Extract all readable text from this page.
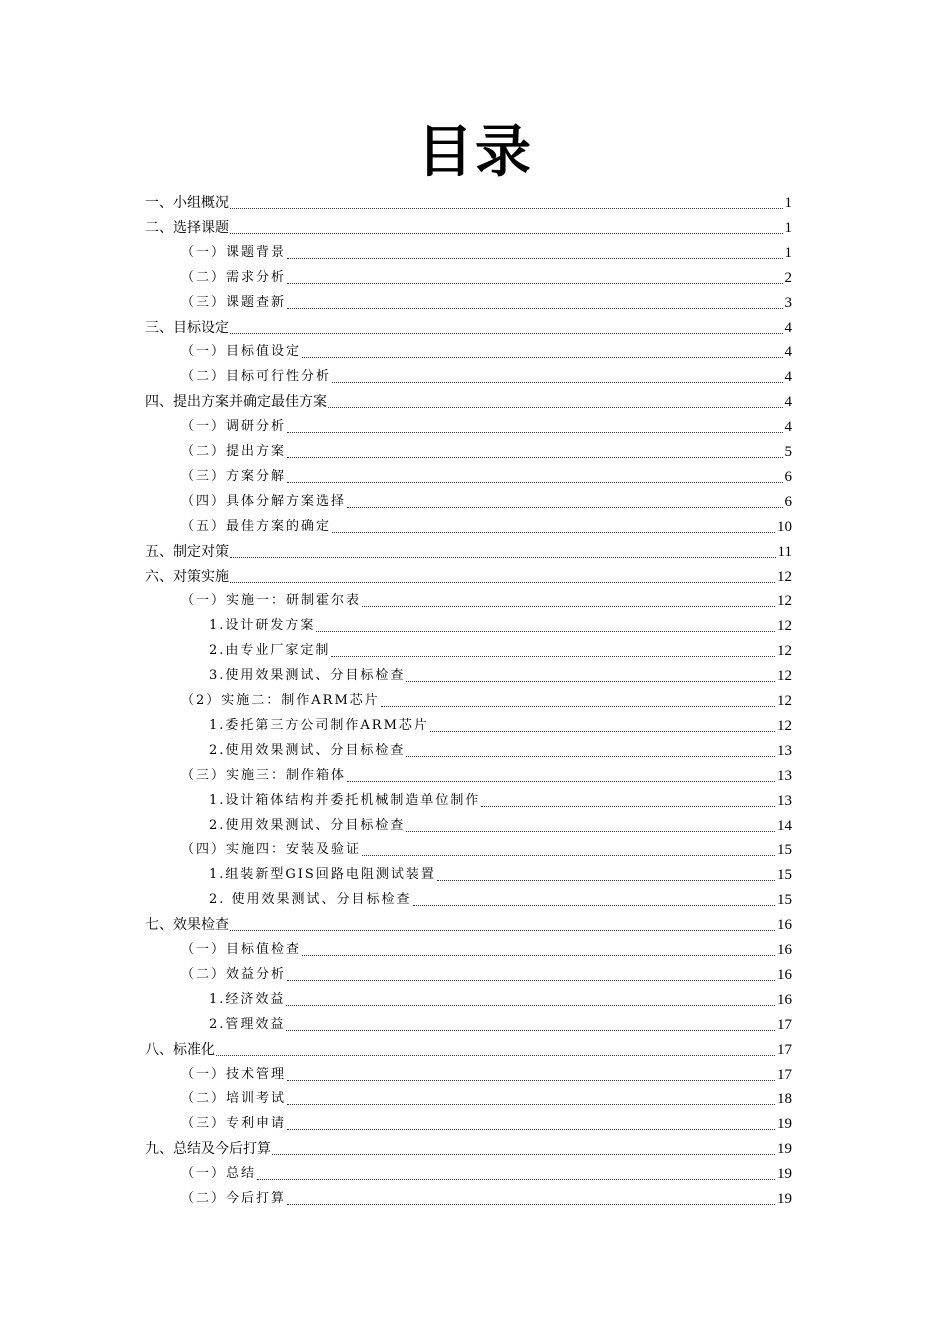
目录
一、小组概况	1
二、选择课题	1
（一）课题背景	1
（二）需求分析	2
（三）课题查新	3
三、目标设定	4
（一）目标值设定	4
（二）目标可行性分析	4
四、提出方案并确定最佳方案	4
（一）调研分析	4
（二）提出方案	5
（三）方案分解	6
（四）具体分解方案选择	6
（五）最佳方案的确定	10
五、制定对策	11
六、对策实施	12
（一）实施一：研制霍尔表	12
1.设计研发方案	12
2.由专业厂家定制	12
3.使用效果测试、分目标检查	12
（2）实施二：制作ARM芯片	12
1.委托第三方公司制作ARM芯片	12
2.使用效果测试、分目标检查	13
（三）实施三：制作箱体	13
1.设计箱体结构并委托机械制造单位制作	13
2.使用效果测试、分目标检查	14
（四）实施四：安装及验证	15
1.组装新型GIS回路电阻测试装置	15
2. 使用效果测试、分目标检查	15
七、效果检查	16
（一）目标值检查	16
（二）效益分析	16
1.经济效益	16
2.管理效益	17
八、标准化	17
（一）技术管理	17
（二）培训考试	18
（三）专利申请	19
九、总结及今后打算	19
（一）总结	19
（二）今后打算	19
